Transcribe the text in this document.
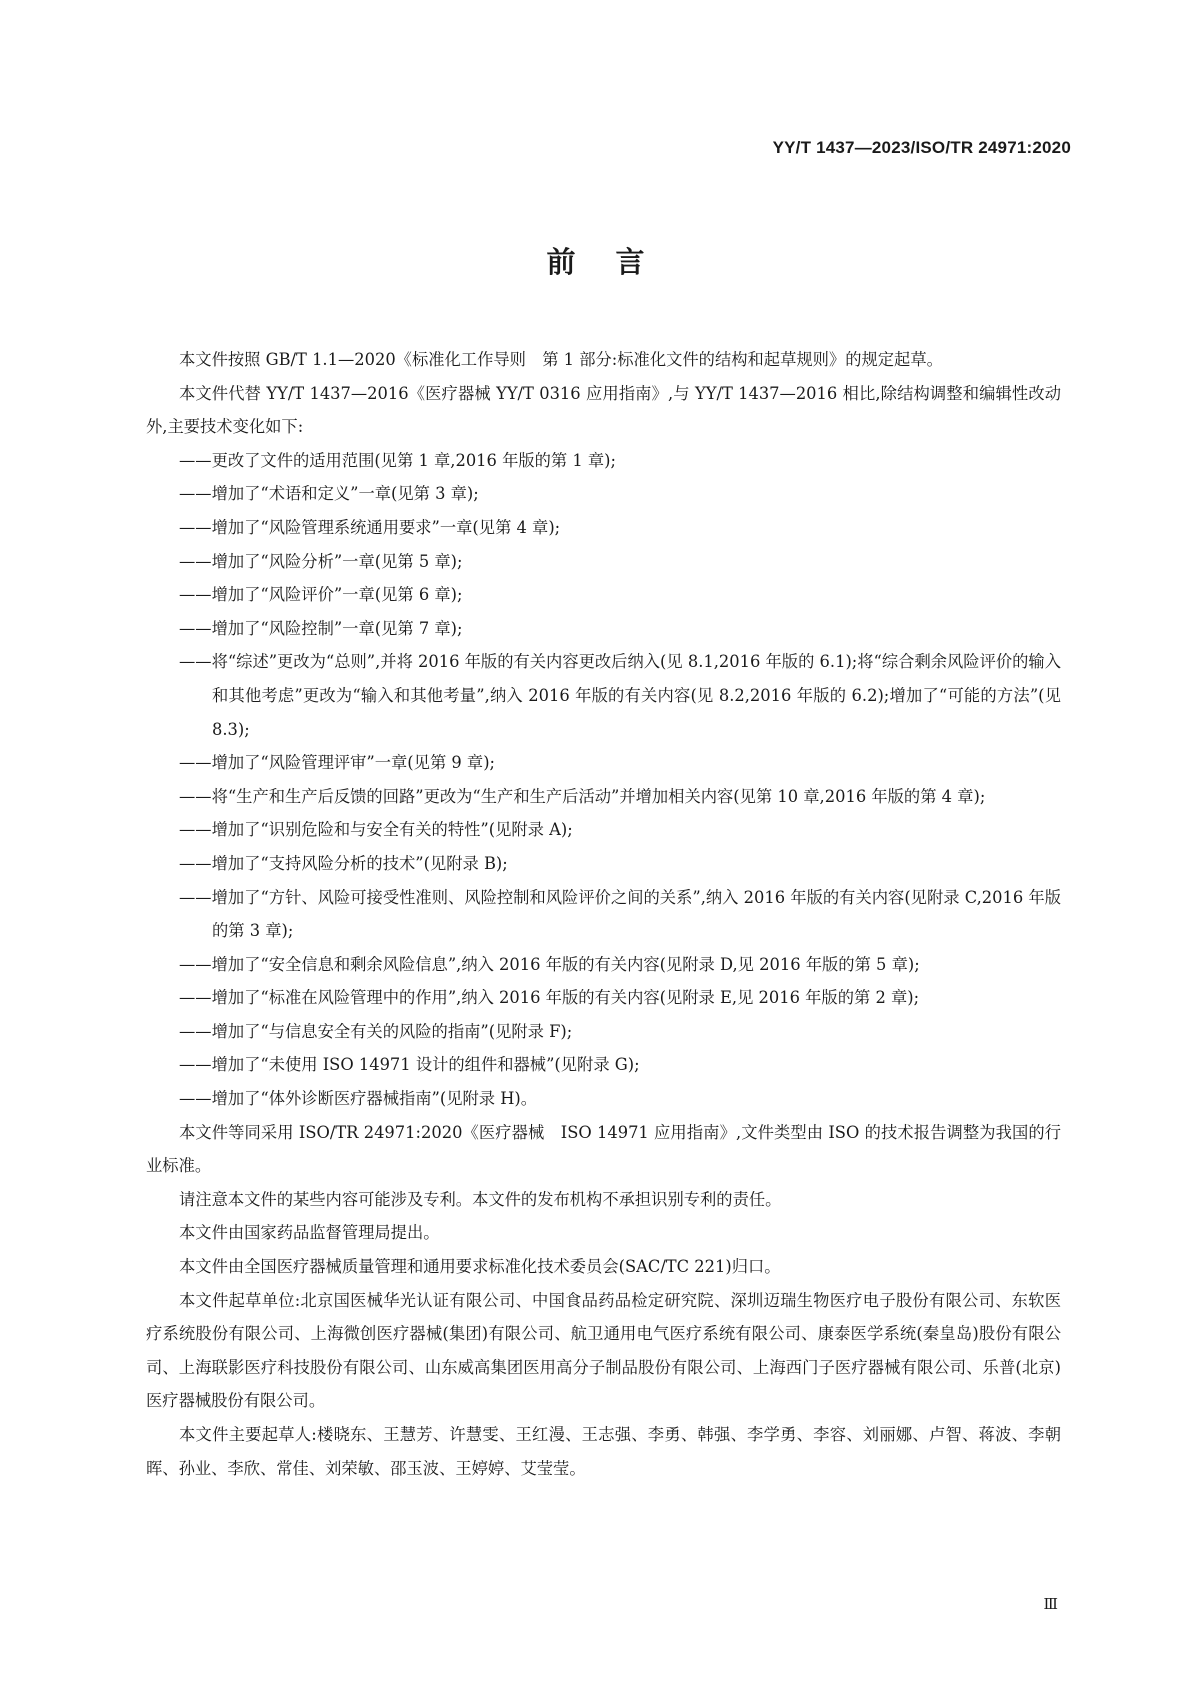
YY/T 1437—2023/ISO/TR 24971:2020
前言

本文件按照 GB/T 1.1—2020《标准化工作导则　第 1 部分:标准化文件的结构和起草规则》的规定起草。

本文件代替 YY/T 1437—2016《医疗器械 YY/T 0316 应用指南》,与 YY/T 1437—2016 相比,除结构调整和编辑性改动外,主要技术变化如下:

——更改了文件的适用范围(见第 1 章,2016 年版的第 1 章);

——增加了“术语和定义”一章(见第 3 章);

——增加了“风险管理系统通用要求”一章(见第 4 章);

——增加了“风险分析”一章(见第 5 章);

——增加了“风险评价”一章(见第 6 章);

——增加了“风险控制”一章(见第 7 章);

——将“综述”更改为“总则”,并将 2016 年版的有关内容更改后纳入(见 8.1,2016 年版的 6.1);将“综合剩余风险评价的输入和其他考虑”更改为“输入和其他考量”,纳入 2016 年版的有关内容(见 8.2,2016 年版的 6.2);增加了“可能的方法”(见 8.3);

——增加了“风险管理评审”一章(见第 9 章);

——将“生产和生产后反馈的回路”更改为“生产和生产后活动”并增加相关内容(见第 10 章,2016 年版的第 4 章);

——增加了“识别危险和与安全有关的特性”(见附录 A);

——增加了“支持风险分析的技术”(见附录 B);

——增加了“方针、风险可接受性准则、风险控制和风险评价之间的关系”,纳入 2016 年版的有关内容(见附录 C,2016 年版的第 3 章);

——增加了“安全信息和剩余风险信息”,纳入 2016 年版的有关内容(见附录 D,见 2016 年版的第 5 章);

——增加了“标准在风险管理中的作用”,纳入 2016 年版的有关内容(见附录 E,见 2016 年版的第 2 章);

——增加了“与信息安全有关的风险的指南”(见附录 F);

——增加了“未使用 ISO 14971 设计的组件和器械”(见附录 G);

——增加了“体外诊断医疗器械指南”(见附录 H)。

本文件等同采用 ISO/TR 24971:2020《医疗器械　ISO 14971 应用指南》,文件类型由 ISO 的技术报告调整为我国的行业标准。

请注意本文件的某些内容可能涉及专利。本文件的发布机构不承担识别专利的责任。

本文件由国家药品监督管理局提出。

本文件由全国医疗器械质量管理和通用要求标准化技术委员会(SAC/TC 221)归口。

本文件起草单位:北京国医械华光认证有限公司、中国食品药品检定研究院、深圳迈瑞生物医疗电子股份有限公司、东软医疗系统股份有限公司、上海微创医疗器械(集团)有限公司、航卫通用电气医疗系统有限公司、康泰医学系统(秦皇岛)股份有限公司、上海联影医疗科技股份有限公司、山东威高集团医用高分子制品股份有限公司、上海西门子医疗器械有限公司、乐普(北京)医疗器械股份有限公司。

本文件主要起草人:楼晓东、王慧芳、许慧雯、王红漫、王志强、李勇、韩强、李学勇、李容、刘丽娜、卢智、蒋波、李朝晖、孙业、李欣、常佳、刘荣敏、邵玉波、王婷婷、艾莹莹。

Ⅲ
